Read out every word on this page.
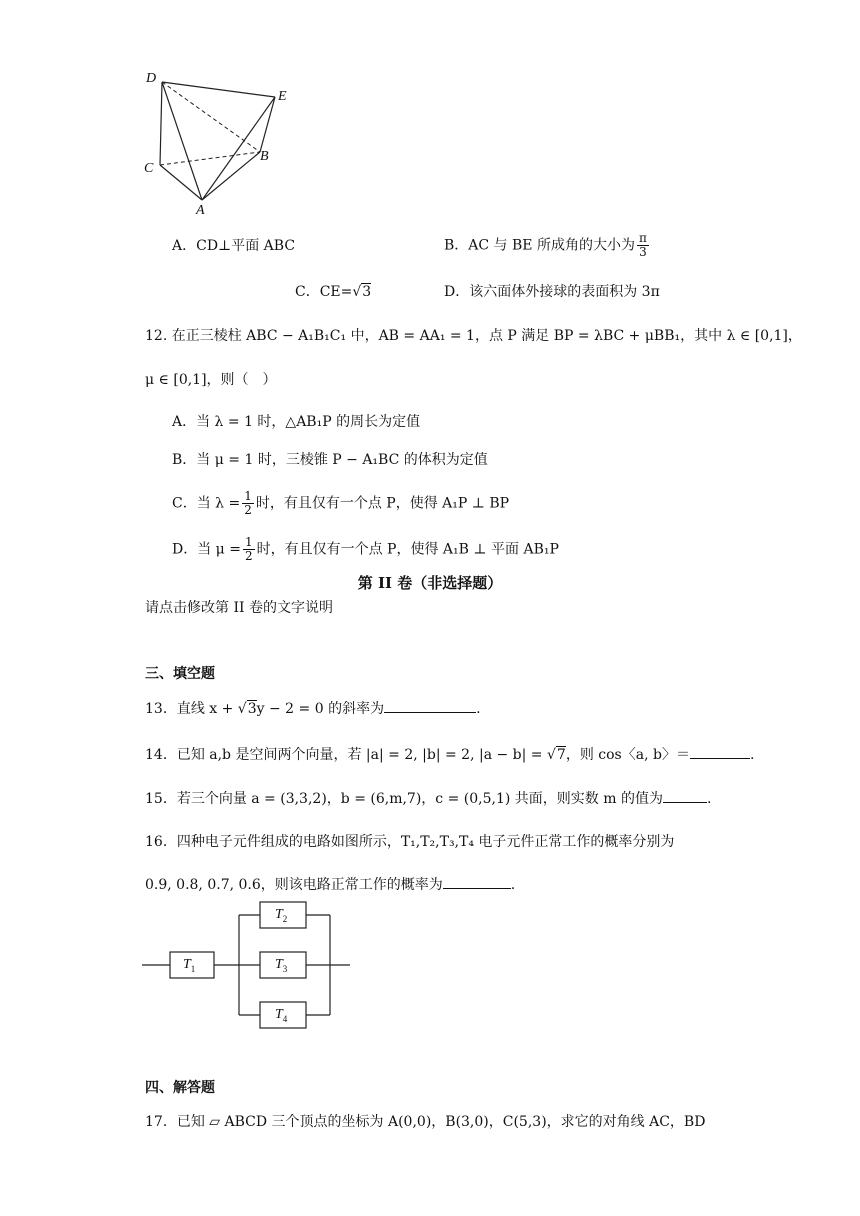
D
E
B
C
A
A．CD⊥平面 ABC	B．AC 与 BE 所成角的大小为 $\frac{\pi}{3}$
C．CE=√3	D．该六面体外接球的表面积为 3π
12. 在正三棱柱 ABC − A₁B₁C₁ 中，AB = AA₁ = 1，点 P 满足 BP = λBC + μBB₁，其中 λ ∈ [0,1]，
μ ∈ [0,1]，则（　）
A．当 λ = 1 时，△AB₁P 的周长为定值
B．当 μ = 1 时，三棱锥 P − A₁BC 的体积为定值
C．当 $\lambda = \frac{1}{2}$ 时，有且仅有一个点 P，使得 A₁P ⊥ BP
D．当 $\mu = \frac{1}{2}$ 时，有且仅有一个点 P，使得 A₁B ⊥ 平面 AB₁P
第 II 卷（非选择题）
请点击修改第 II 卷的文字说明
三、填空题
13．直线 x + √3y − 2 = 0 的斜率为	.
14．已知 a,b 是空间两个向量，若 |a| = 2, |b| = 2, |a − b| = √7，则 cos〈a, b〉＝	.
15．若三个向量 a = (3,3,2)，b = (6,m,7)，c = (0,5,1) 共面，则实数 m 的值为	.
16．四种电子元件组成的电路如图所示，T₁,T₂,T₃,T₄ 电子元件正常工作的概率分别为
0.9, 0.8, 0.7, 0.6，则该电路正常工作的概率为	.
$T_1$
$T_2$
$T_3$
$T_4$
四、解答题
17．已知 ▱ ABCD 三个顶点的坐标为 A(0,0)，B(3,0)，C(5,3)，求它的对角线 AC，BD
